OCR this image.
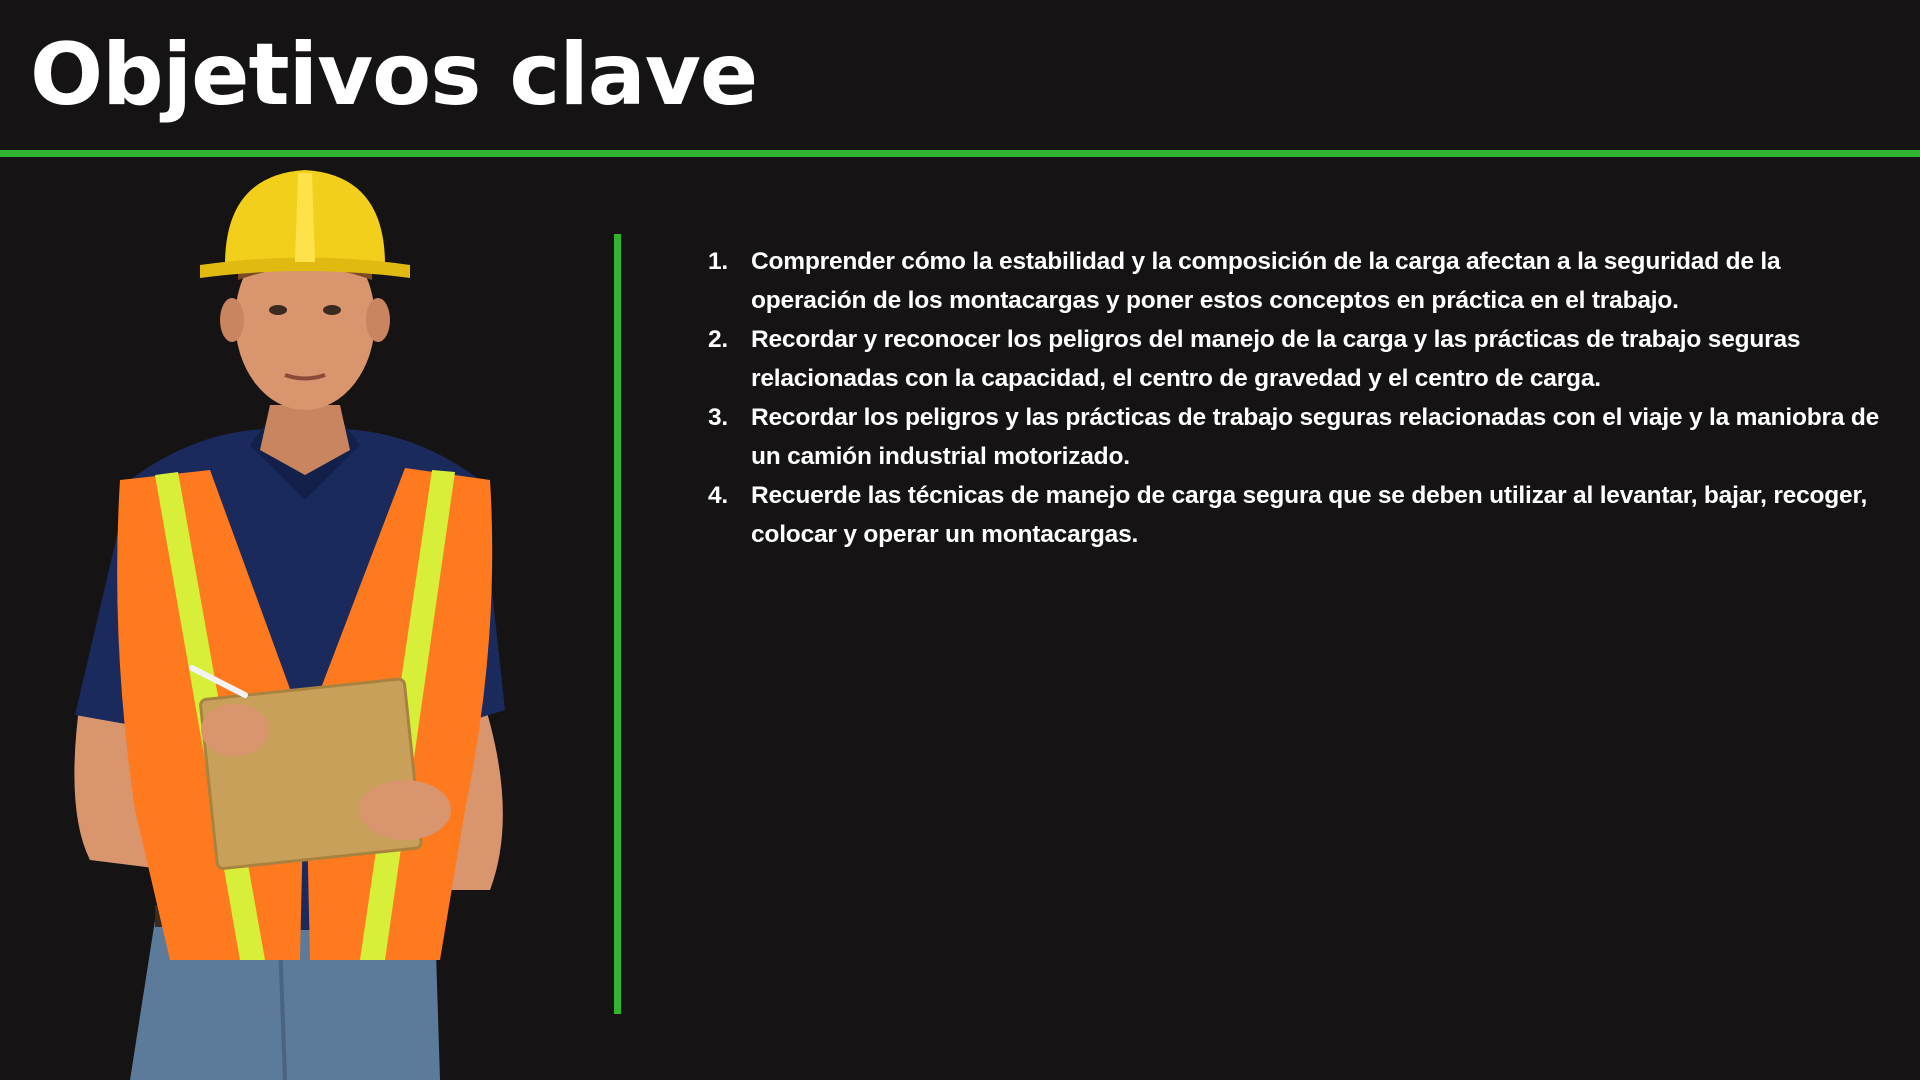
Objetivos clave
1. Comprender cómo la estabilidad y la composición de la carga afectan a la seguridad de la operación de los montacargas y poner estos conceptos en práctica en el trabajo.
2. Recordar y reconocer los peligros del manejo de la carga y las prácticas de trabajo seguras relacionadas con la capacidad, el centro de gravedad y el centro de carga.
3. Recordar los peligros y las prácticas de trabajo seguras relacionadas con el viaje y la maniobra de un camión industrial motorizado.
4. Recuerde las técnicas de manejo de carga segura que se deben utilizar al levantar, bajar, recoger, colocar y operar un montacargas.
